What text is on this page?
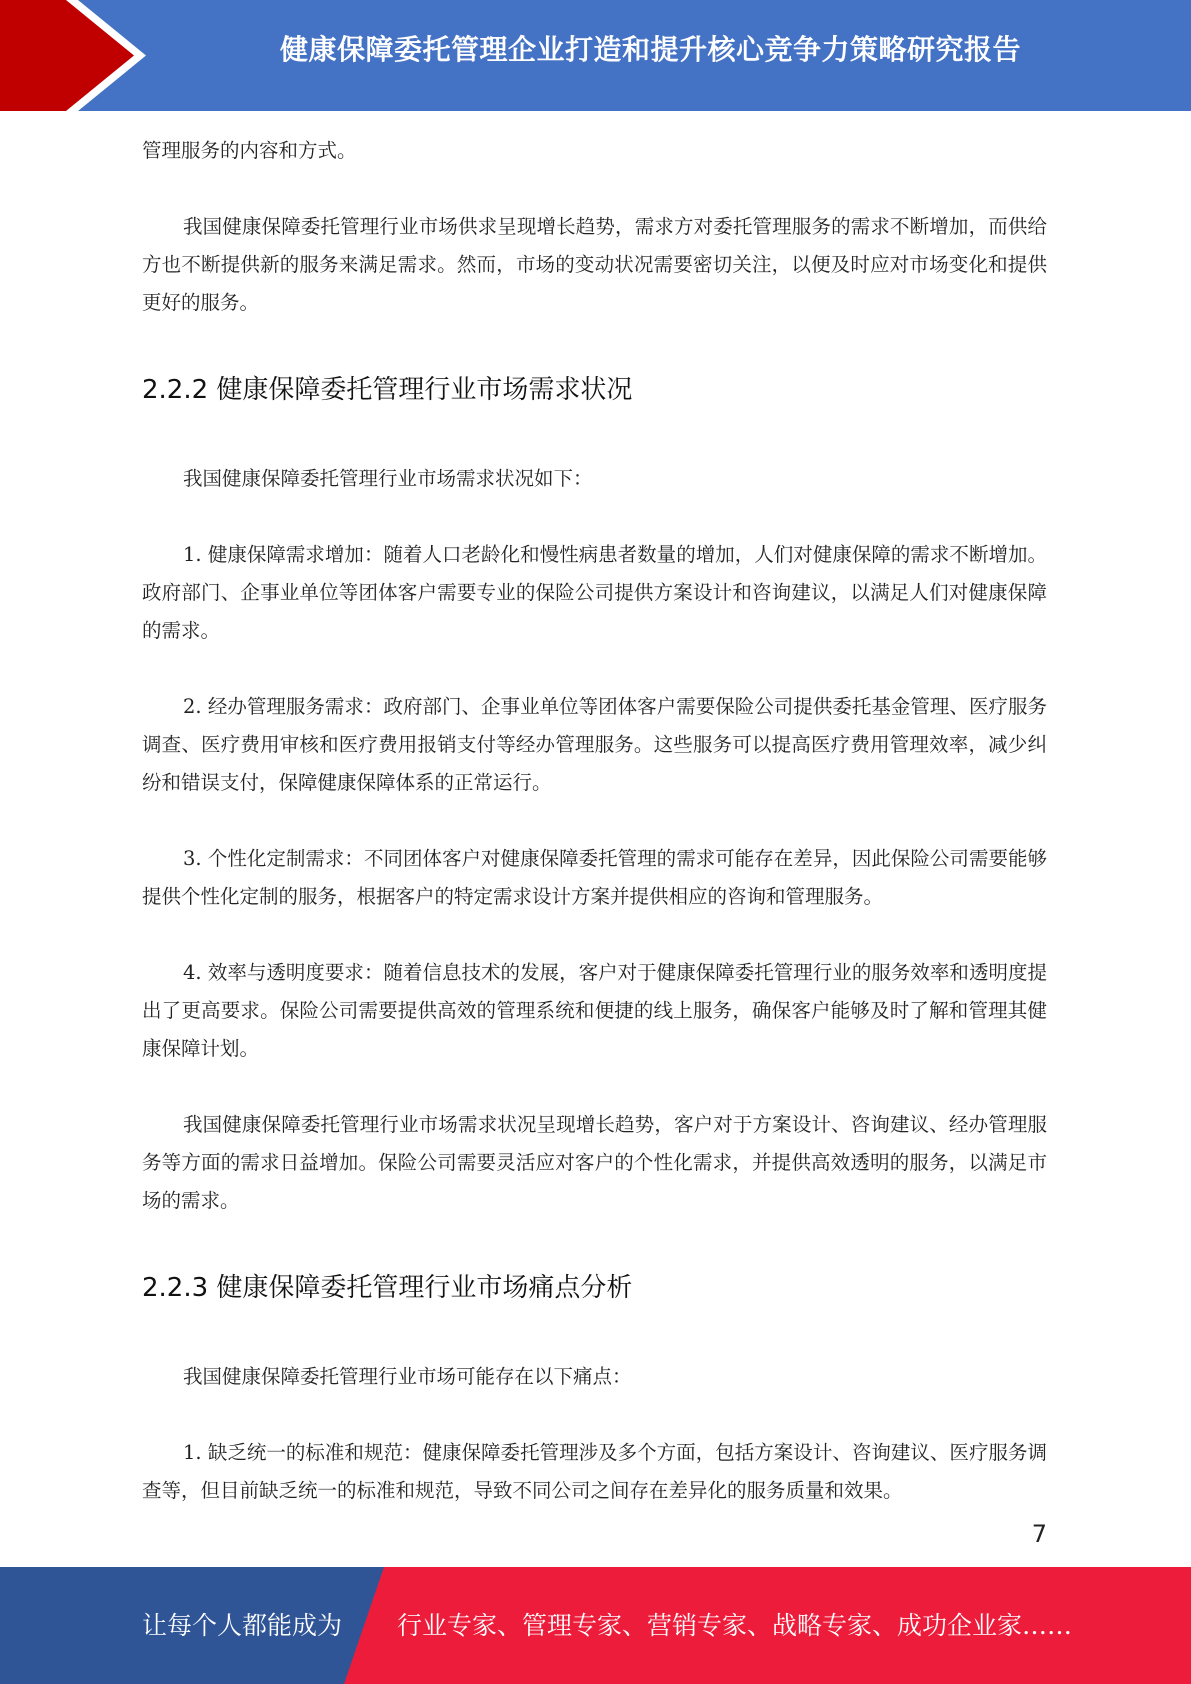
健康保障委托管理企业打造和提升核心竞争力策略研究报告

管理服务的内容和方式。

我国健康保障委托管理行业市场供求呈现增长趋势，需求方对委托管理服务的需求不断增加，而供给方也不断提供新的服务来满足需求。然而，市场的变动状况需要密切关注，以便及时应对市场变化和提供更好的服务。

2.2.2 健康保障委托管理行业市场需求状况

我国健康保障委托管理行业市场需求状况如下：

1. 健康保障需求增加：随着人口老龄化和慢性病患者数量的增加，人们对健康保障的需求不断增加。政府部门、企事业单位等团体客户需要专业的保险公司提供方案设计和咨询建议，以满足人们对健康保障的需求。

2. 经办管理服务需求：政府部门、企事业单位等团体客户需要保险公司提供委托基金管理、医疗服务调查、医疗费用审核和医疗费用报销支付等经办管理服务。这些服务可以提高医疗费用管理效率，减少纠纷和错误支付，保障健康保障体系的正常运行。

3. 个性化定制需求：不同团体客户对健康保障委托管理的需求可能存在差异，因此保险公司需要能够提供个性化定制的服务，根据客户的特定需求设计方案并提供相应的咨询和管理服务。

4. 效率与透明度要求：随着信息技术的发展，客户对于健康保障委托管理行业的服务效率和透明度提出了更高要求。保险公司需要提供高效的管理系统和便捷的线上服务，确保客户能够及时了解和管理其健康保障计划。

我国健康保障委托管理行业市场需求状况呈现增长趋势，客户对于方案设计、咨询建议、经办管理服务等方面的需求日益增加。保险公司需要灵活应对客户的个性化需求，并提供高效透明的服务，以满足市场的需求。

2.2.3 健康保障委托管理行业市场痛点分析

我国健康保障委托管理行业市场可能存在以下痛点：

1. 缺乏统一的标准和规范：健康保障委托管理涉及多个方面，包括方案设计、咨询建议、医疗服务调查等，但目前缺乏统一的标准和规范，导致不同公司之间存在差异化的服务质量和效果。

7
让每个人都能成为 行业专家、管理专家、营销专家、战略专家、成功企业家……
